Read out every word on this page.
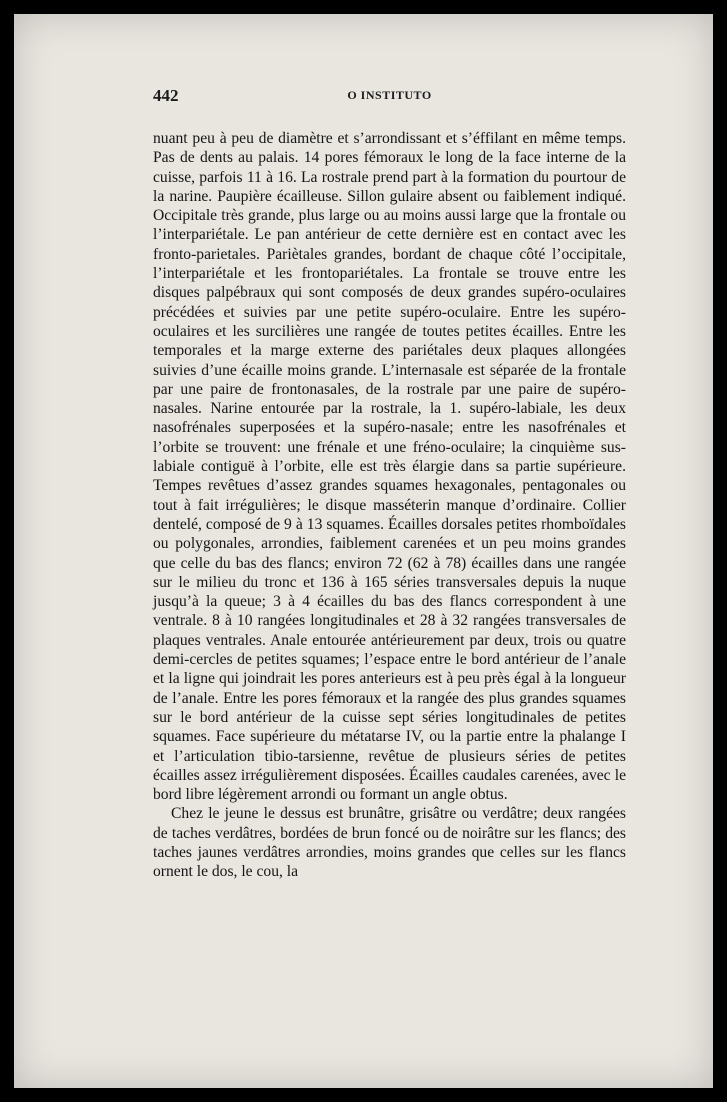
442	O INSTITUTO

nuant peu à peu de diamètre et s’arrondissant et s’éffilant en même temps. Pas de dents au palais. 14 pores fémoraux le long de la face interne de la cuisse, parfois 11 à 16. La rostrale prend part à la formation du pourtour de la narine. Paupière écailleuse. Sillon gulaire absent ou faiblement indiqué. Occipitale très grande, plus large ou au moins aussi large que la frontale ou l’interpariétale. Le pan antérieur de cette dernière est en contact avec les fronto-parietales. Pariètales grandes, bordant de chaque côté l’occipitale, l’interpariétale et les frontopariétales. La frontale se trouve entre les disques palpébraux qui sont composés de deux grandes supéro-oculaires précédées et suivies par une petite supéro-oculaire. Entre les supéro-oculaires et les surcilières une rangée de toutes petites écailles. Entre les temporales et la marge externe des pariétales deux plaques allongées suivies d’une écaille moins grande. L’internasale est séparée de la frontale par une paire de frontonasales, de la rostrale par une paire de supéro-nasales. Narine entourée par la rostrale, la 1. supéro-labiale, les deux nasofrénales superposées et la supéro-nasale; entre les nasofrénales et l’orbite se trouvent: une frénale et une fréno-oculaire; la cinquième sus-labiale contiguë à l’orbite, elle est très élargie dans sa partie supérieure. Tempes revêtues d’assez grandes squames hexagonales, pentagonales ou tout à fait irrégulières; le disque masséterin manque d’ordinaire. Collier dentelé, composé de 9 à 13 squames. Écailles dorsales petites rhomboïdales ou polygonales, arrondies, faiblement carenées et un peu moins grandes que celle du bas des flancs; environ 72 (62 à 78) écailles dans une rangée sur le milieu du tronc et 136 à 165 séries transversales depuis la nuque jusqu’à la queue; 3 à 4 écailles du bas des flancs correspondent à une ventrale. 8 à 10 rangées longitudinales et 28 à 32 rangées transversales de plaques ventrales. Anale entourée antérieurement par deux, trois ou quatre demi-cercles de petites squames; l’espace entre le bord antérieur de l’anale et la ligne qui joindrait les pores anterieurs est à peu près égal à la longueur de l’anale. Entre les pores fémoraux et la rangée des plus grandes squames sur le bord antérieur de la cuisse sept séries longitudinales de petites squames. Face supérieure du métatarse IV, ou la partie entre la phalange I et l’articulation tibio-tarsienne, revêtue de plusieurs séries de petites écailles assez irrégulièrement disposées. Écailles caudales carenées, avec le bord libre légèrement arrondi ou formant un angle obtus.

Chez le jeune le dessus est brunâtre, grisâtre ou verdâtre; deux rangées de taches verdâtres, bordées de brun foncé ou de noirâtre sur les flancs; des taches jaunes verdâtres arrondies, moins grandes que celles sur les flancs ornent le dos, le cou, la
